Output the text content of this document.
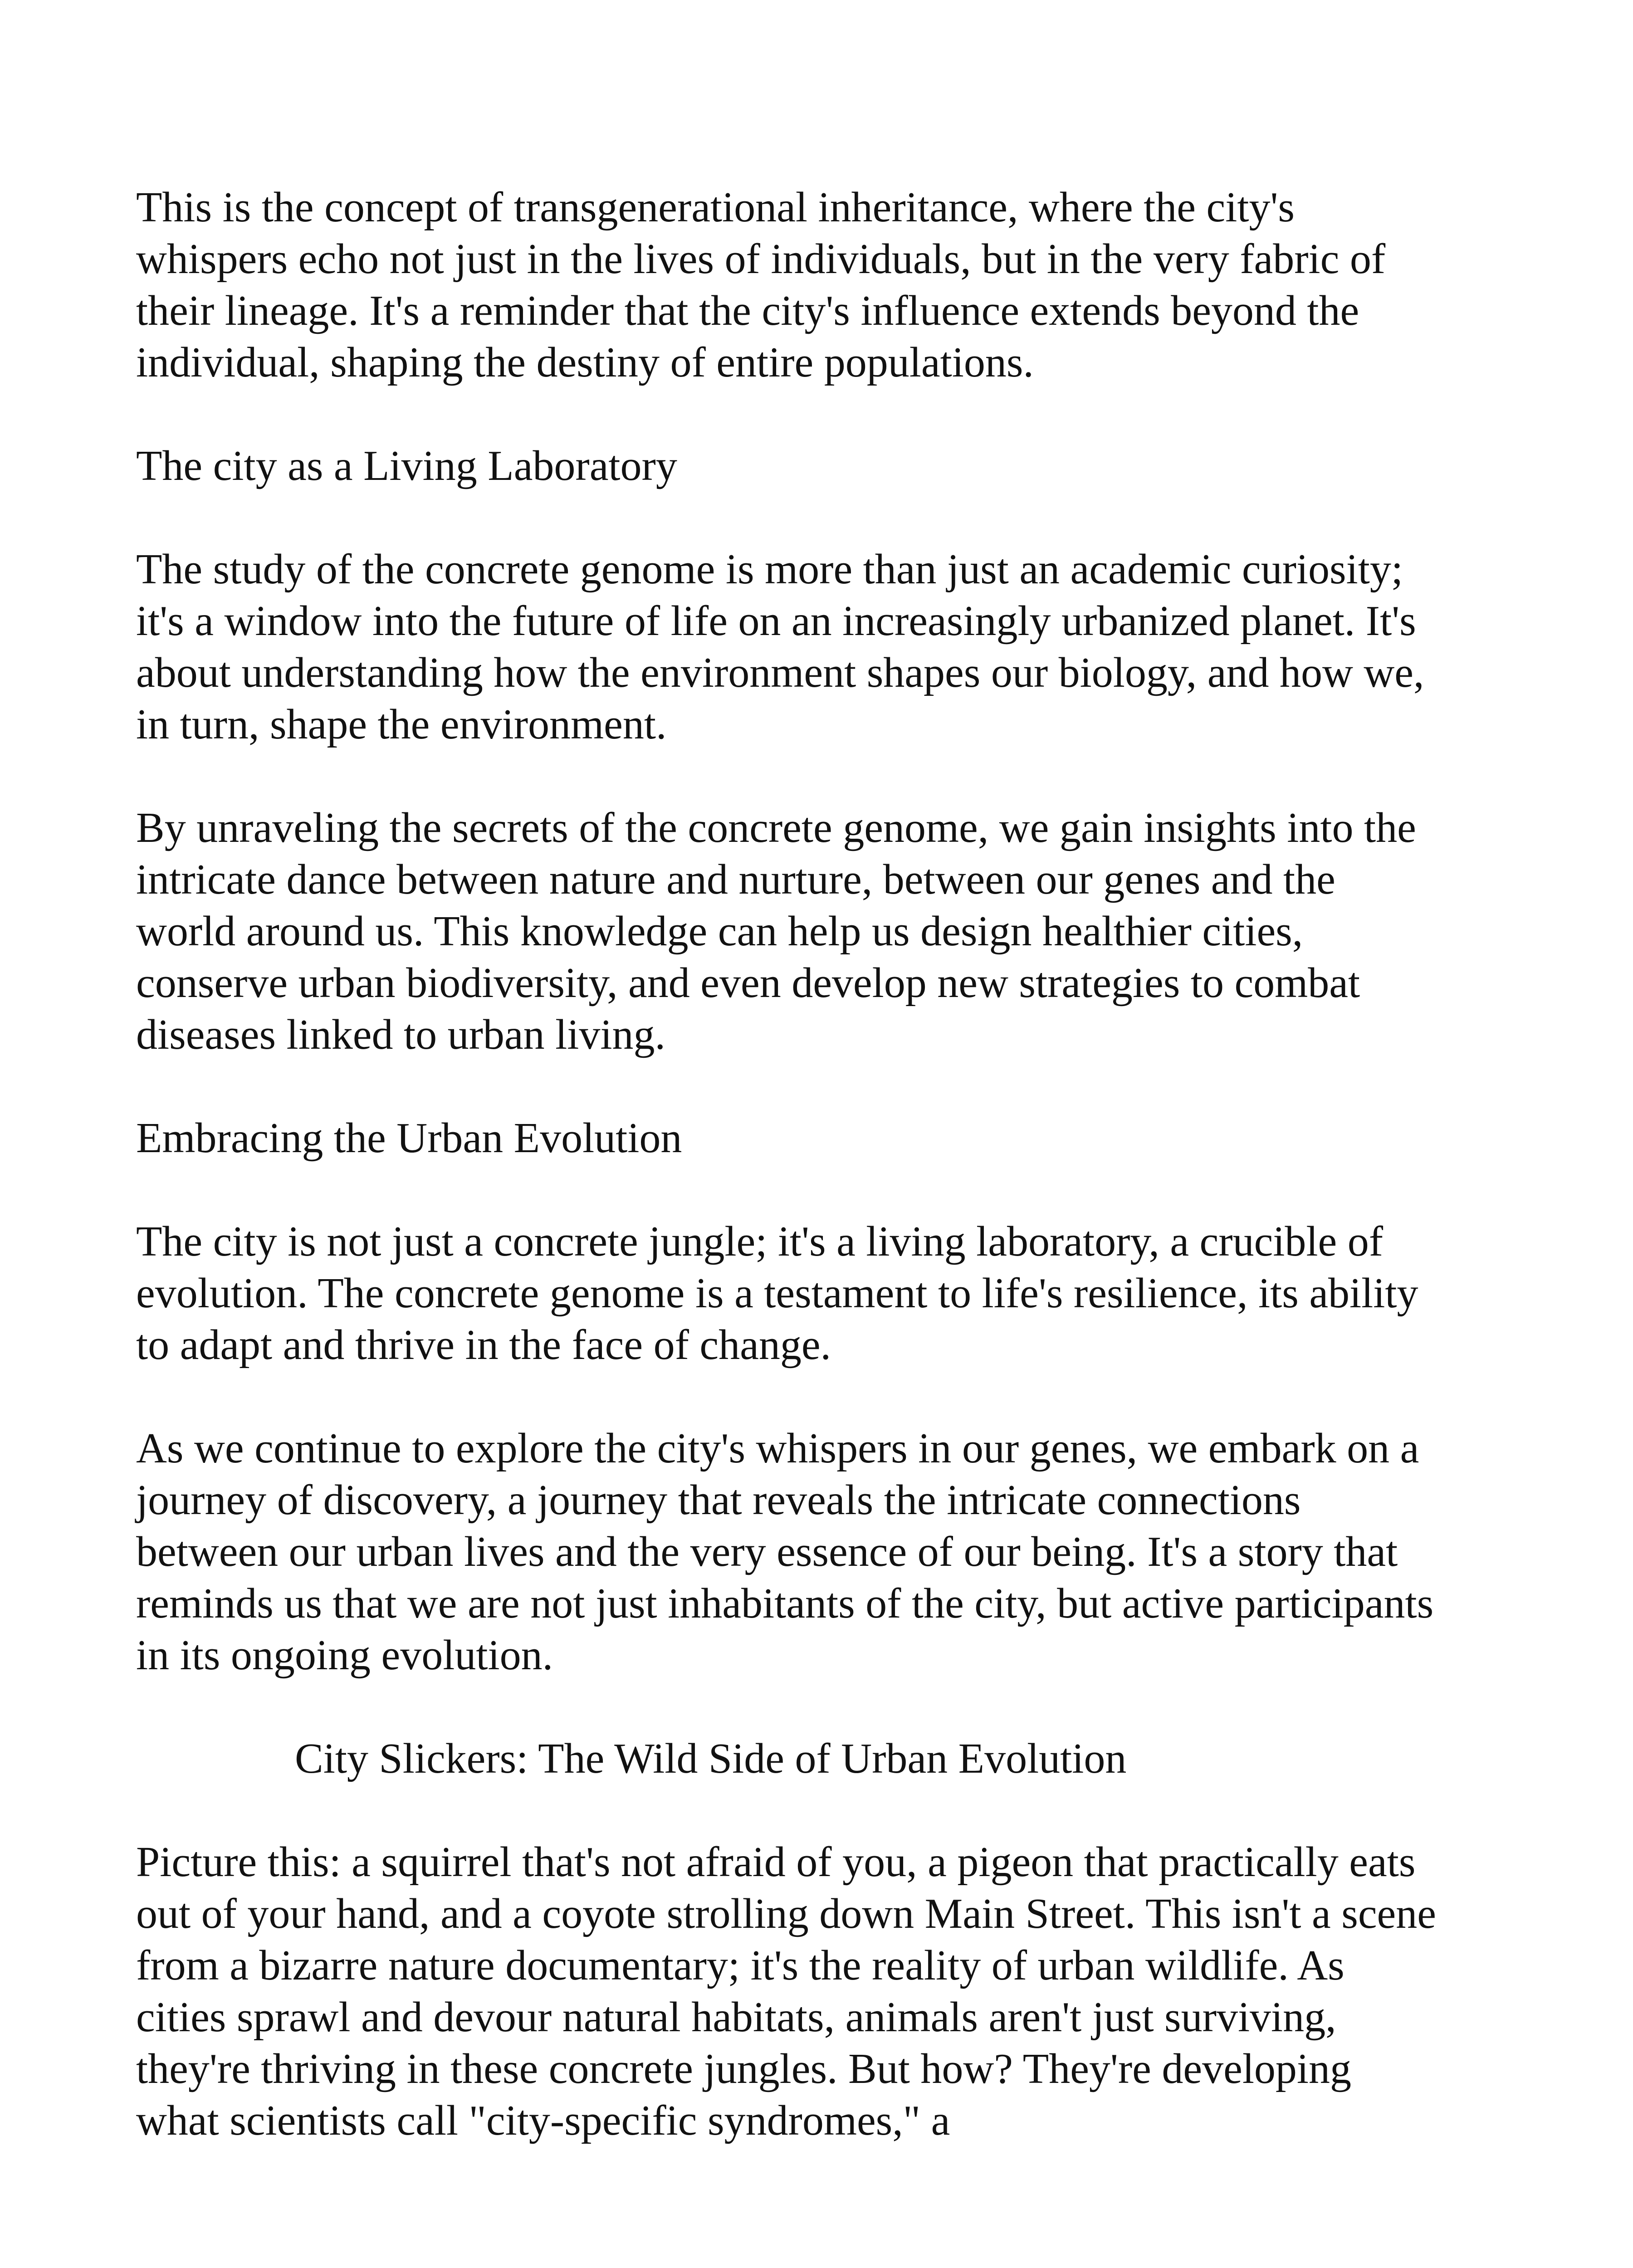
This is the concept of transgenerational inheritance, where the city's whispers echo not just in the lives of individuals, but in the very fabric of their lineage. It's a reminder that the city's influence extends beyond the individual, shaping the destiny of entire populations.

The city as a Living Laboratory

The study of the concrete genome is more than just an academic curiosity; it's a window into the future of life on an increasingly urbanized planet. It's about understanding how the environment shapes our biology, and how we, in turn, shape the environment.

By unraveling the secrets of the concrete genome, we gain insights into the intricate dance between nature and nurture, between our genes and the world around us. This knowledge can help us design healthier cities, conserve urban biodiversity, and even develop new strategies to combat diseases linked to urban living.

Embracing the Urban Evolution

The city is not just a concrete jungle; it's a living laboratory, a crucible of evolution. The concrete genome is a testament to life's resilience, its ability to adapt and thrive in the face of change.

As we continue to explore the city's whispers in our genes, we embark on a journey of discovery, a journey that reveals the intricate connections between our urban lives and the very essence of our being. It's a story that reminds us that we are not just inhabitants of the city, but active participants in its ongoing evolution.

City Slickers: The Wild Side of Urban Evolution

Picture this: a squirrel that's not afraid of you, a pigeon that practically eats out of your hand, and a coyote strolling down Main Street. This isn't a scene from a bizarre nature documentary; it's the reality of urban wildlife. As cities sprawl and devour natural habitats, animals aren't just surviving, they're thriving in these concrete jungles. But how? They're developing what scientists call "city-specific syndromes," a
